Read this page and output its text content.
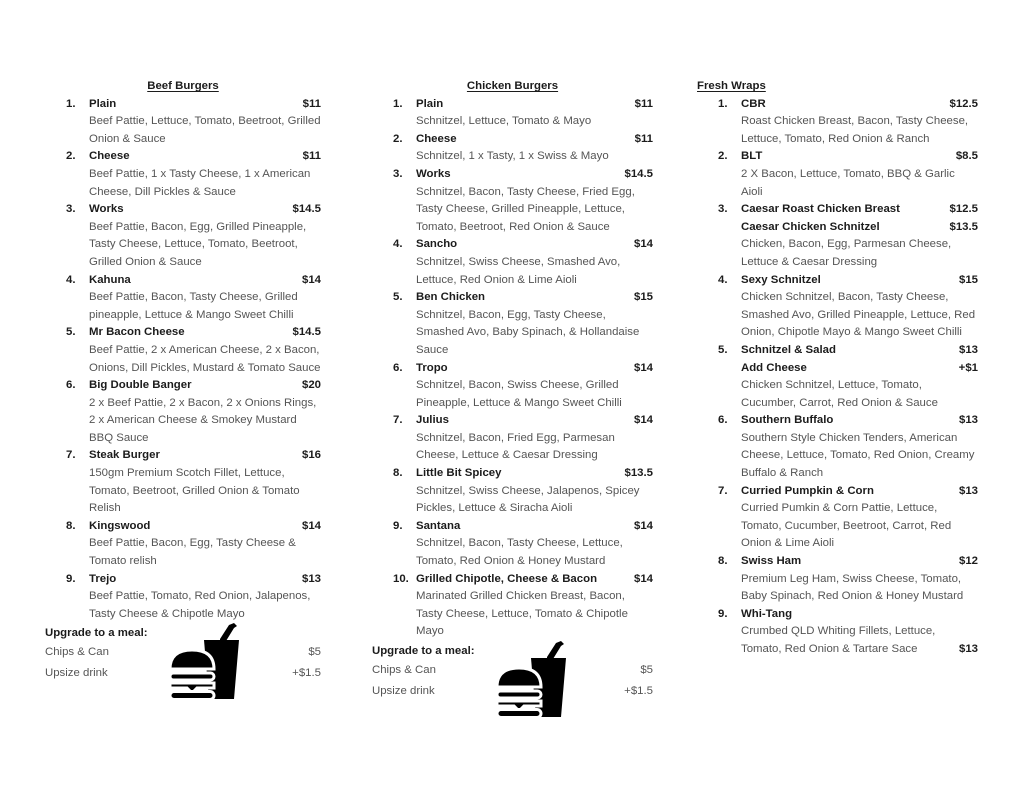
Beef Burgers
1.	Plain	$11
Beef Pattie, Lettuce, Tomato, Beetroot, Grilled Onion & Sauce
2.	Cheese	$11
Beef Pattie, 1 x Tasty Cheese, 1 x American Cheese, Dill Pickles & Sauce
3.	Works	$14.5
Beef Pattie, Bacon, Egg, Grilled Pineapple, Tasty Cheese, Lettuce, Tomato, Beetroot, Grilled Onion & Sauce
4.	Kahuna	$14
Beef Pattie, Bacon, Tasty Cheese, Grilled pineapple, Lettuce & Mango Sweet Chilli
5.	Mr Bacon Cheese	$14.5
Beef Pattie, 2 x American Cheese, 2 x Bacon, Onions, Dill Pickles, Mustard & Tomato Sauce
6.	Big Double Banger	$20
2 x Beef Pattie, 2 x Bacon, 2 x Onions Rings, 2 x American Cheese & Smokey Mustard BBQ Sauce
7.	Steak Burger	$16
150gm Premium Scotch Fillet, Lettuce, Tomato, Beetroot, Grilled Onion & Tomato Relish
8.	Kingswood	$14
Beef Pattie, Bacon, Egg, Tasty Cheese & Tomato relish
9.	Trejo	$13
Beef Pattie, Tomato, Red Onion, Jalapenos, Tasty Cheese & Chipotle Mayo
Upgrade to a meal:
Chips & Can	$5
Upsize drink	+$1.5
Chicken Burgers
1.	Plain	$11
Schnitzel, Lettuce, Tomato & Mayo
2.	Cheese	$11
Schnitzel, 1 x Tasty, 1 x Swiss & Mayo
3.	Works	$14.5
Schnitzel, Bacon, Tasty Cheese, Fried Egg, Tasty Cheese, Grilled Pineapple, Lettuce, Tomato, Beetroot, Red Onion & Sauce
4.	Sancho	$14
Schnitzel, Swiss Cheese, Smashed Avo, Lettuce, Red Onion & Lime Aioli
5.	Ben Chicken	$15
Schnitzel, Bacon, Egg, Tasty Cheese, Smashed Avo, Baby Spinach, & Hollandaise Sauce
6.	Tropo	$14
Schnitzel, Bacon, Swiss Cheese, Grilled Pineapple, Lettuce & Mango Sweet Chilli
7.	Julius	$14
Schnitzel, Bacon, Fried Egg, Parmesan Cheese, Lettuce & Caesar Dressing
8.	Little Bit Spicey	$13.5
Schnitzel, Swiss Cheese, Jalapenos, Spicey Pickles, Lettuce & Siracha Aioli
9.	Santana	$14
Schnitzel, Bacon, Tasty Cheese, Lettuce, Tomato, Red Onion & Honey Mustard
10. Grilled Chipotle, Cheese & Bacon	$14
Marinated Grilled Chicken Breast, Bacon, Tasty Cheese, Lettuce, Tomato & Chipotle Mayo
Upgrade to a meal:
Chips & Can	$5
Upsize drink	+$1.5
Fresh Wraps
1.	CBR	$12.5
Roast Chicken Breast, Bacon, Tasty Cheese, Lettuce, Tomato, Red Onion & Ranch
2.	BLT	$8.5
2 X Bacon, Lettuce, Tomato, BBQ & Garlic Aioli
3.	Caesar Roast Chicken Breast	$12.5
Caesar Chicken Schnitzel	$13.5
Chicken, Bacon, Egg, Parmesan Cheese, Lettuce & Caesar Dressing
4.	Sexy Schnitzel	$15
Chicken Schnitzel, Bacon, Tasty Cheese, Smashed Avo, Grilled Pineapple, Lettuce, Red Onion, Chipotle Mayo & Mango Sweet Chilli
5.	Schnitzel & Salad	$13
Add Cheese	+$1
Chicken Schnitzel, Lettuce, Tomato, Cucumber, Carrot, Red Onion & Sauce
6.	Southern Buffalo	$13
Southern Style Chicken Tenders, American Cheese, Lettuce, Tomato, Red Onion, Creamy Buffalo & Ranch
7.	Curried Pumpkin & Corn	$13
Curried Pumkin & Corn Pattie, Lettuce, Tomato, Cucumber, Beetroot, Carrot, Red Onion & Lime Aioli
8.	Swiss Ham	$12
Premium Leg Ham, Swiss Cheese, Tomato, Baby Spinach, Red Onion & Honey Mustard
9.	Whi-Tang
Crumbed QLD Whiting Fillets, Lettuce, Tomato, Red Onion & Tartare Sace	$13
